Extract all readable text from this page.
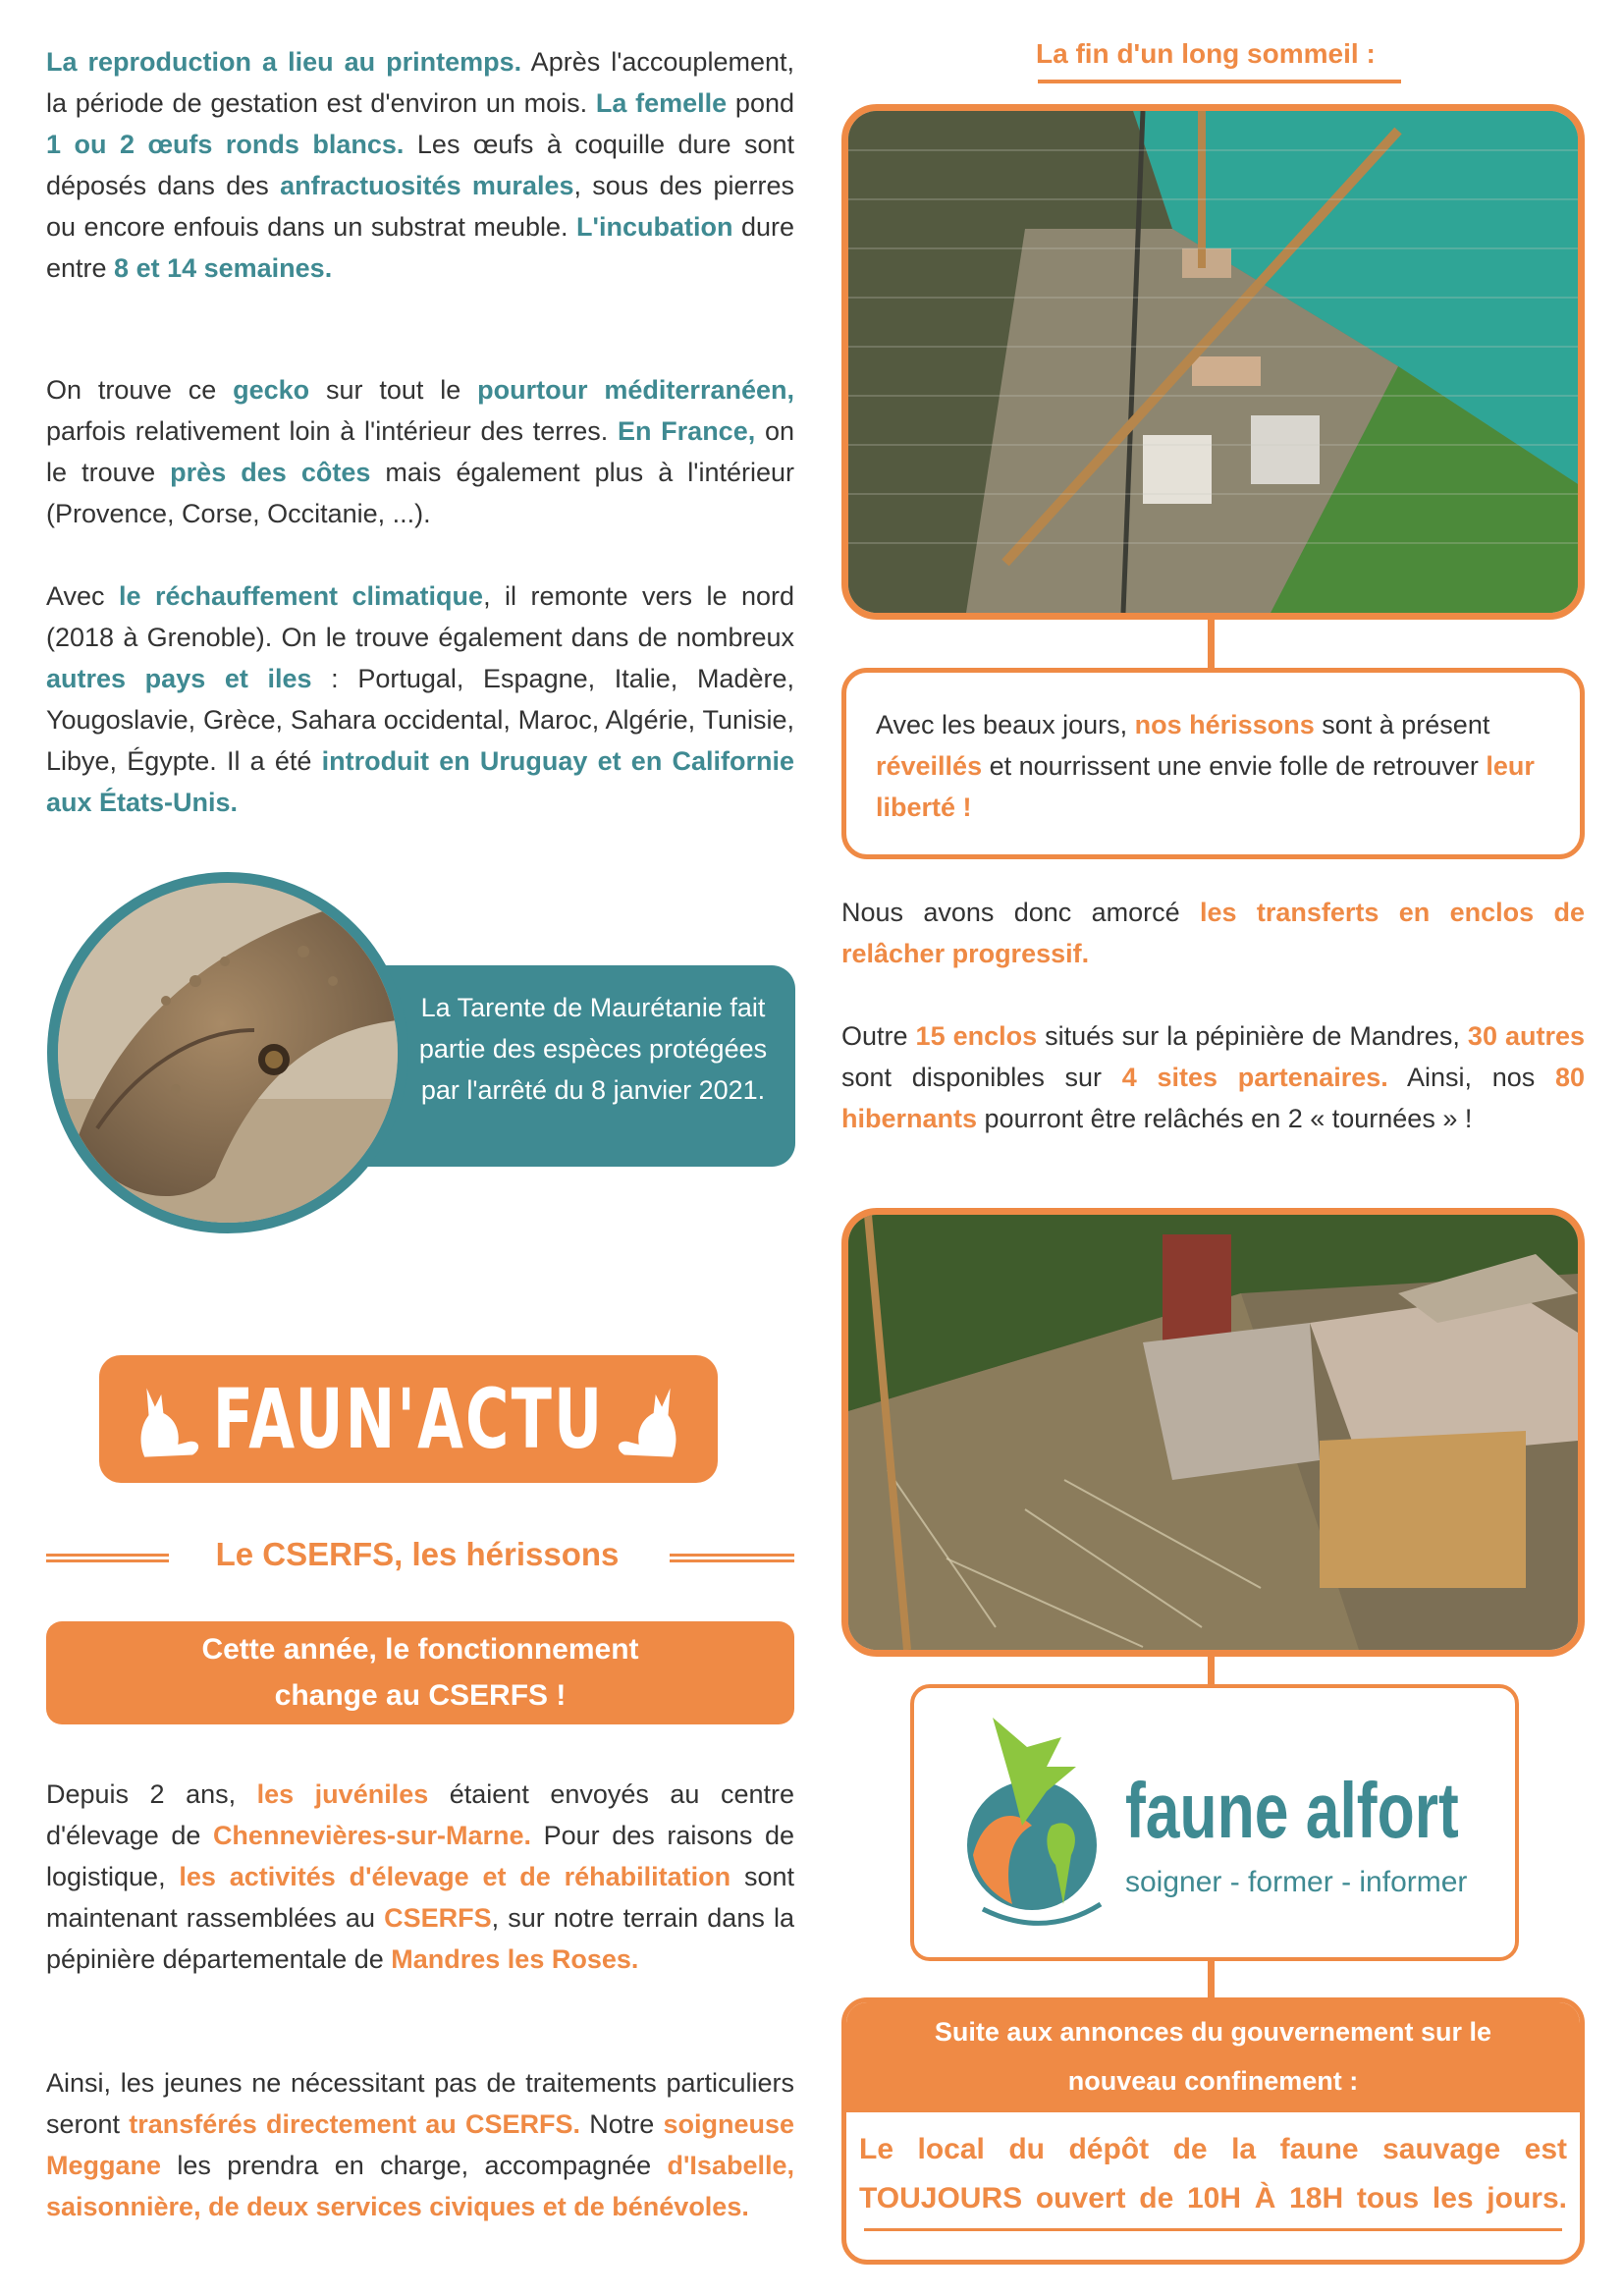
La reproduction a lieu au printemps. Après l'accouplement, la période de gestation est d'environ un mois. La femelle pond 1 ou 2 œufs ronds blancs. Les œufs à coquille dure sont déposés dans des anfractuosités murales, sous des pierres ou encore enfouis dans un substrat meuble. L'incubation dure entre 8 et 14 semaines.

On trouve ce gecko sur tout le pourtour méditerranéen, parfois relativement loin à l'intérieur des terres. En France, on le trouve près des côtes mais également plus à l'intérieur (Provence, Corse, Occitanie, ...).

Avec le réchauffement climatique, il remonte vers le nord (2018 à Grenoble). On le trouve également dans de nombreux autres pays et iles : Portugal, Espagne, Italie, Madère, Yougoslavie, Grèce, Sahara occidental, Maroc, Algérie, Tunisie, Libye, Égypte. Il a été introduit en Uruguay et en Californie aux États-Unis.

La Tarente de Maurétanie fait partie des espèces protégées par l'arrêté du 8 janvier 2021.
FAUN'ACTU
Le CSERFS, les hérissons
Cette année, le fonctionnement change au CSERFS !

Depuis 2 ans, les juvéniles étaient envoyés au centre d'élevage de Chennevières-sur-Marne. Pour des raisons de logistique, les activités d'élevage et de réhabilitation sont maintenant rassemblées au CSERFS, sur notre terrain dans la pépinière départementale de Mandres les Roses.

Ainsi, les jeunes ne nécessitant pas de traitements particuliers seront transférés directement au CSERFS. Notre soigneuse Meggane les prendra en charge, accompagnée d'Isabelle, saisonnière, de deux services civiques et de bénévoles.

La fin d'un long sommeil :

Avec les beaux jours, nos hérissons sont à présent réveillés et nourrissent une envie folle de retrouver leur liberté !

Nous avons donc amorcé les transferts en enclos de relâcher progressif.

Outre 15 enclos situés sur la pépinière de Mandres, 30 autres sont disponibles sur 4 sites partenaires. Ainsi, nos 80 hibernants pourront être relâchés en 2 « tournées » !

faune alfort
soigner - former - informer
Suite aux annonces du gouvernement sur le nouveau confinement :
Le local du dépôt de la faune sauvage est TOUJOURS ouvert de 10H À 18H tous les jours.
